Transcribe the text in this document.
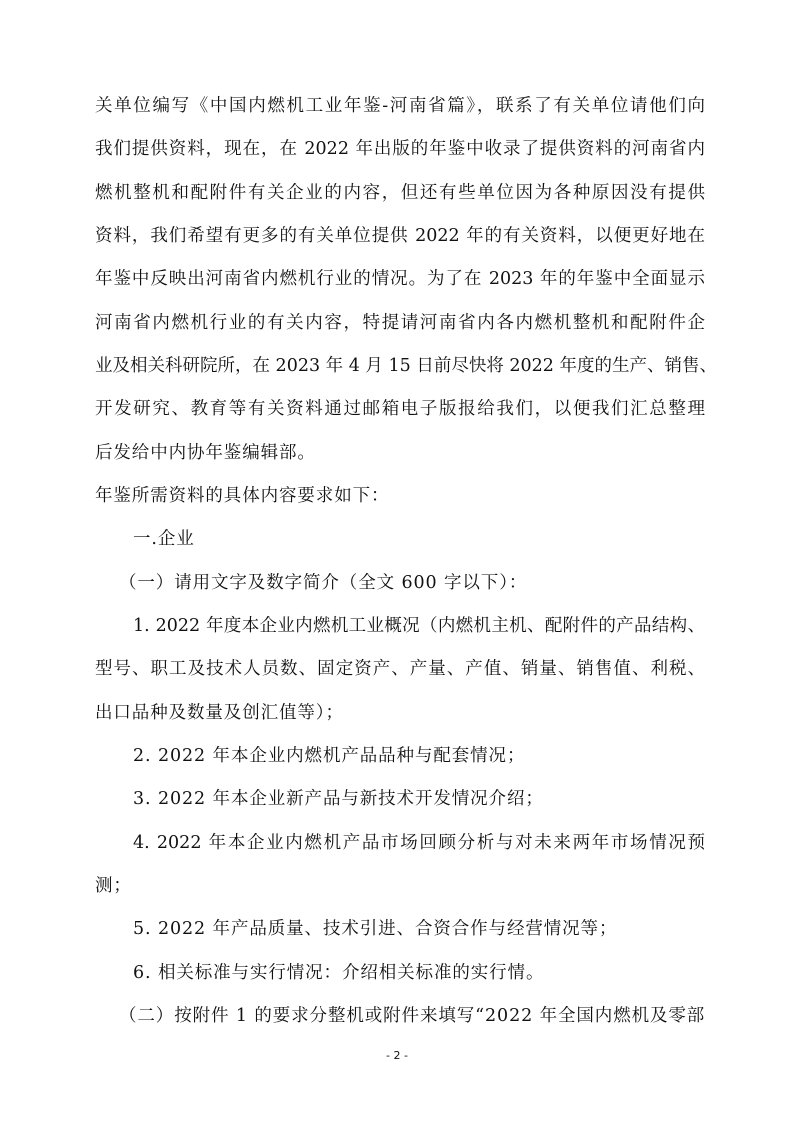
关单位编写《中国内燃机工业年鉴-河南省篇》，联系了有关单位请他们向
我们提供资料，现在，在 2022 年出版的年鉴中收录了提供资料的河南省内
燃机整机和配附件有关企业的内容，但还有些单位因为各种原因没有提供
资料，我们希望有更多的有关单位提供 2022 年的有关资料，以便更好地在
年鉴中反映出河南省内燃机行业的情况。为了在 2023 年的年鉴中全面显示
河南省内燃机行业的有关内容，特提请河南省内各内燃机整机和配附件企
业及相关科研院所，在 2023 年 4 月 15 日前尽快将 2022 年度的生产、销售、
开发研究、教育等有关资料通过邮箱电子版报给我们，以便我们汇总整理
后发给中内协年鉴编辑部。
年鉴所需资料的具体内容要求如下：
一.企业
（一）请用文字及数字简介（全文 600 字以下）：
1. 2022 年度本企业内燃机工业概况（内燃机主机、配附件的产品结构、
型号、职工及技术人员数、固定资产、产量、产值、销量、销售值、利税、
出口品种及数量及创汇值等）；
2. 2022 年本企业内燃机产品品种与配套情况；
3. 2022 年本企业新产品与新技术开发情况介绍；
4. 2022 年本企业内燃机产品市场回顾分析与对未来两年市场情况预
- 2 -
测；
5. 2022 年产品质量、技术引进、合资合作与经营情况等；
6. 相关标准与实行情况：介绍相关标准的实行情。
（二）按附件 1 的要求分整机或附件来填写“2022 年全国内燃机及零部
